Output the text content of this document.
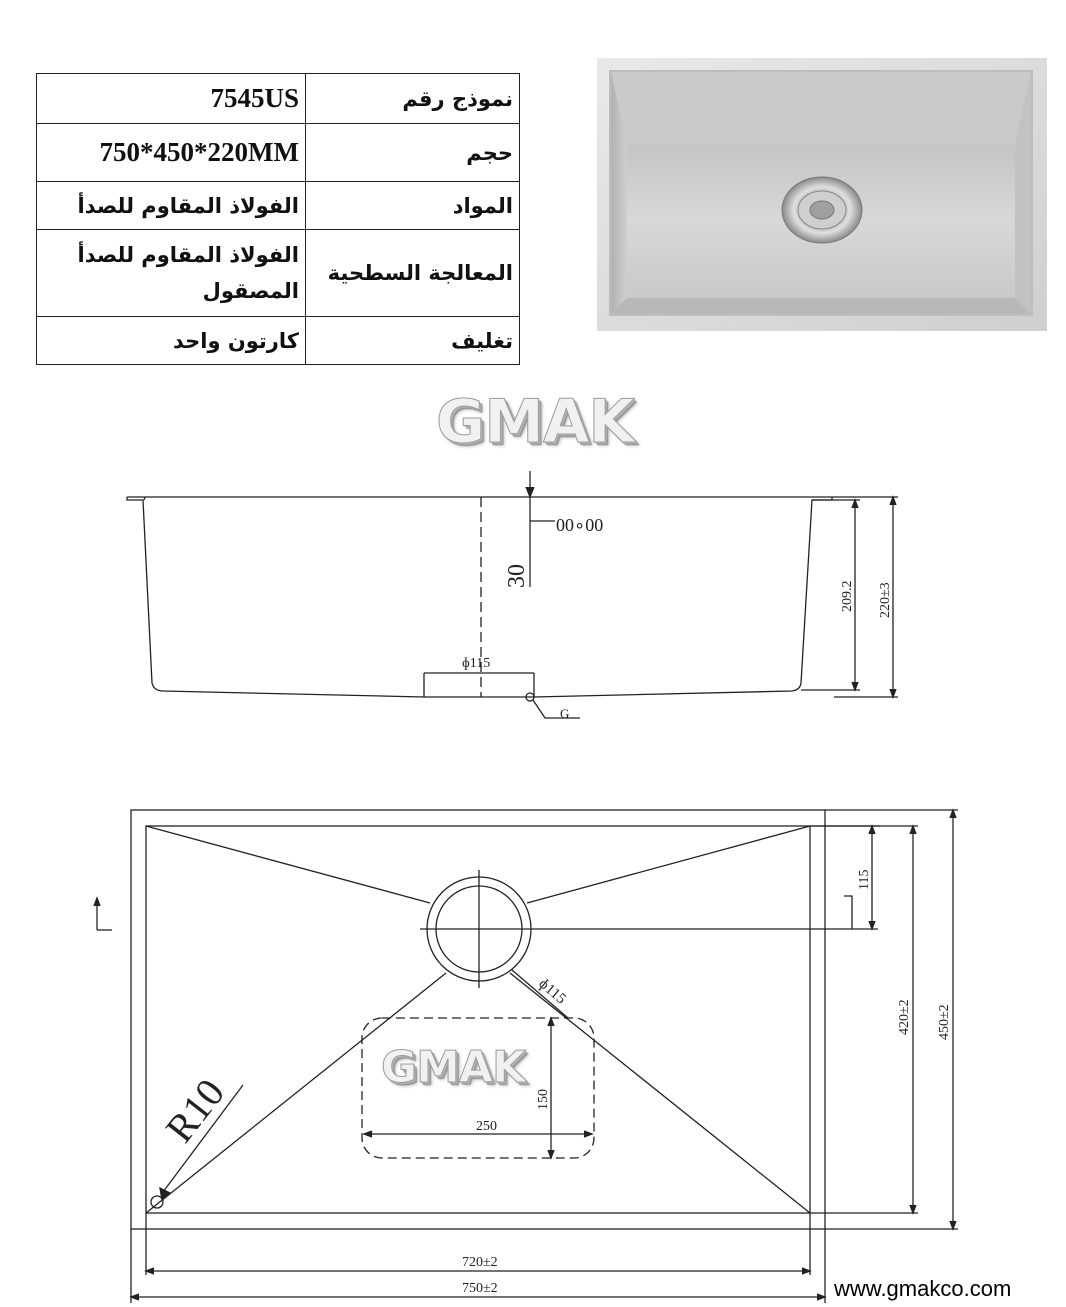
7545US	نموذج رقم
750*450*220MM	حجم
الفولاذ المقاوم للصدأ	المواد
الفولاذ المقاوم للصدأ المصقول	المعالجة السطحية
كارتون واحد	تغليف
GMAK
00∘00
30
ɸ115
G
209.2 220±3
115
ɸ115
R10	250
150
420±2 450±2
720±2
750±2
GMAK
www.gmakco.com
